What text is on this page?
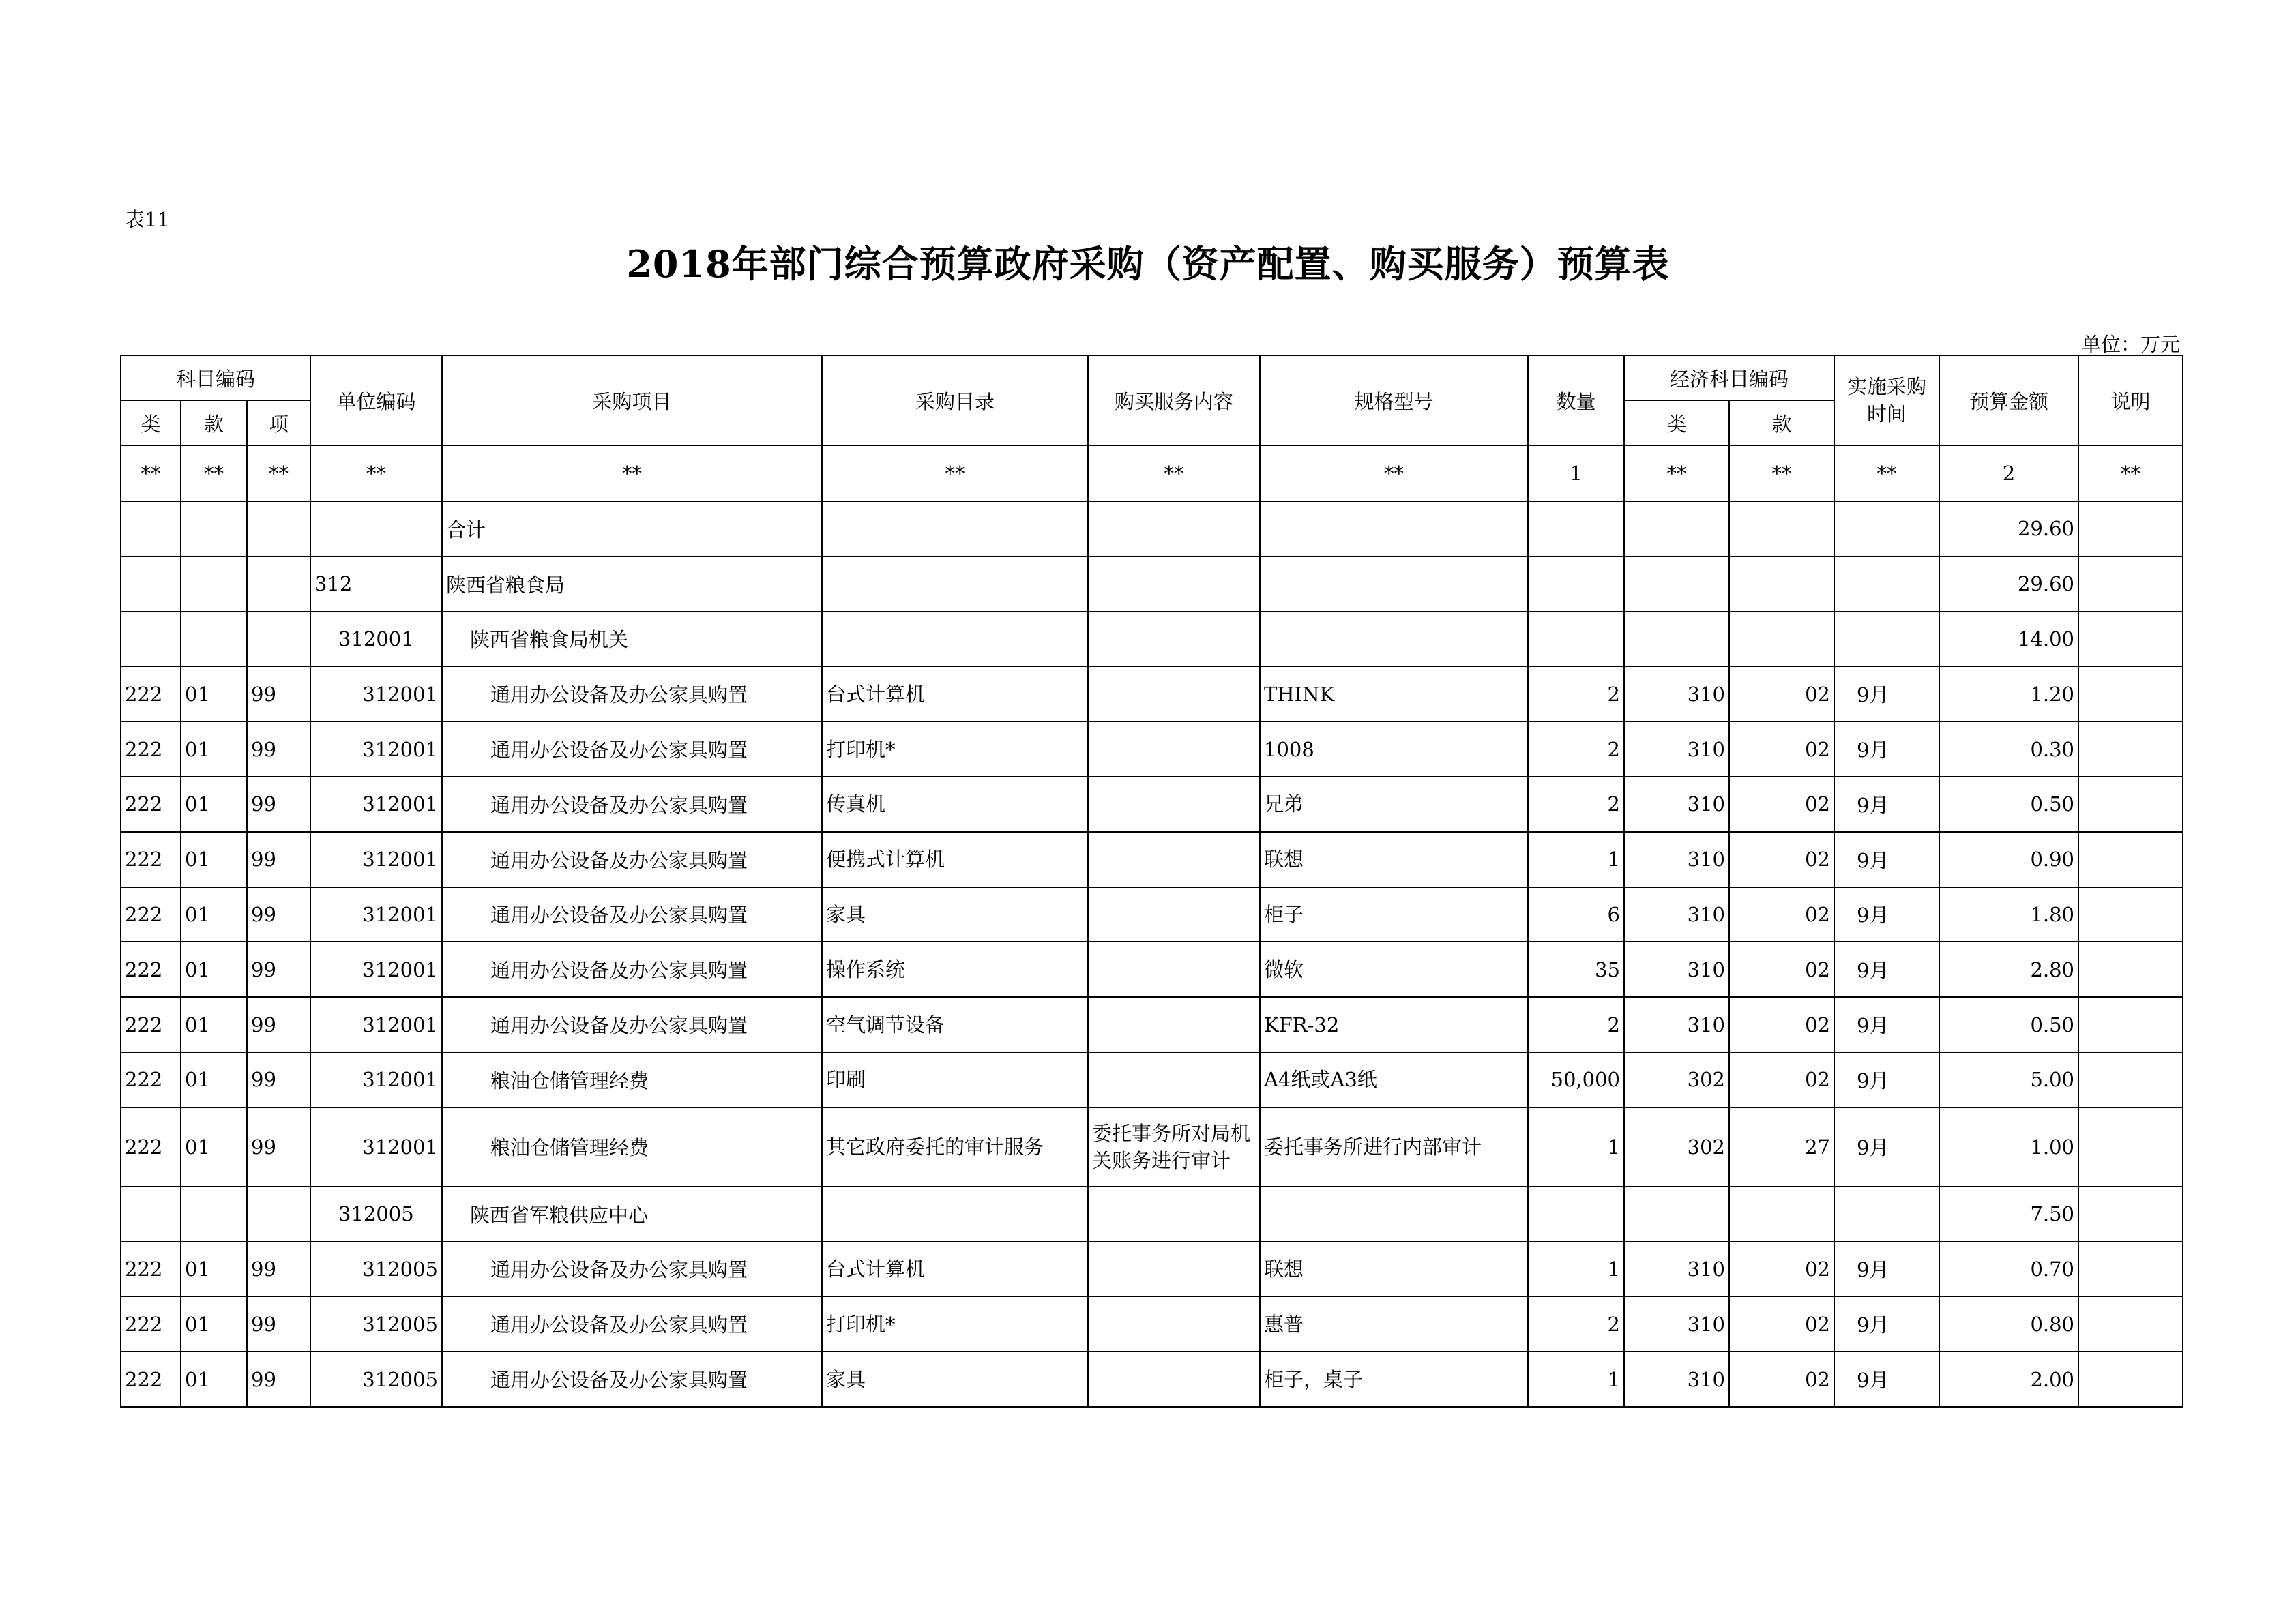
表11
2018年部门综合预算政府采购（资产配置、购买服务）预算表
单位：万元
科目编码			单位编码	采购项目	采购目录	购买服务内容	规格型号	数量	经济科目编码		实施采购时间	预算金额	说明
类	款	项							类	款			
**	**	**	**	**	**	**	**	1	**	**	**	2	**
				合计								29.60	
			312	陕西省粮食局								29.60	
			312001	陕西省粮食局机关								14.00	
222	01	99	312001	通用办公设备及办公家具购置	台式计算机		THINK	2	310	02	9月	1.20	
222	01	99	312001	通用办公设备及办公家具购置	打印机*		1008	2	310	02	9月	0.30	
222	01	99	312001	通用办公设备及办公家具购置	传真机		兄弟	2	310	02	9月	0.50	
222	01	99	312001	通用办公设备及办公家具购置	便携式计算机		联想	1	310	02	9月	0.90	
222	01	99	312001	通用办公设备及办公家具购置	家具		柜子	6	310	02	9月	1.80	
222	01	99	312001	通用办公设备及办公家具购置	操作系统		微软	35	310	02	9月	2.80	
222	01	99	312001	通用办公设备及办公家具购置	空气调节设备		KFR-32	2	310	02	9月	0.50	
222	01	99	312001	粮油仓储管理经费	印刷		A4纸或A3纸	50,000	302	02	9月	5.00	
222	01	99	312001	粮油仓储管理经费	其它政府委托的审计服务	委托事务所对局机关账务进行审计	委托事务所进行内部审计	1	302	27	9月	1.00	
			312005	陕西省军粮供应中心								7.50	
222	01	99	312005	通用办公设备及办公家具购置	台式计算机		联想	1	310	02	9月	0.70	
222	01	99	312005	通用办公设备及办公家具购置	打印机*		惠普	2	310	02	9月	0.80	
222	01	99	312005	通用办公设备及办公家具购置	家具		柜子，桌子	1	310	02	9月	2.00	
